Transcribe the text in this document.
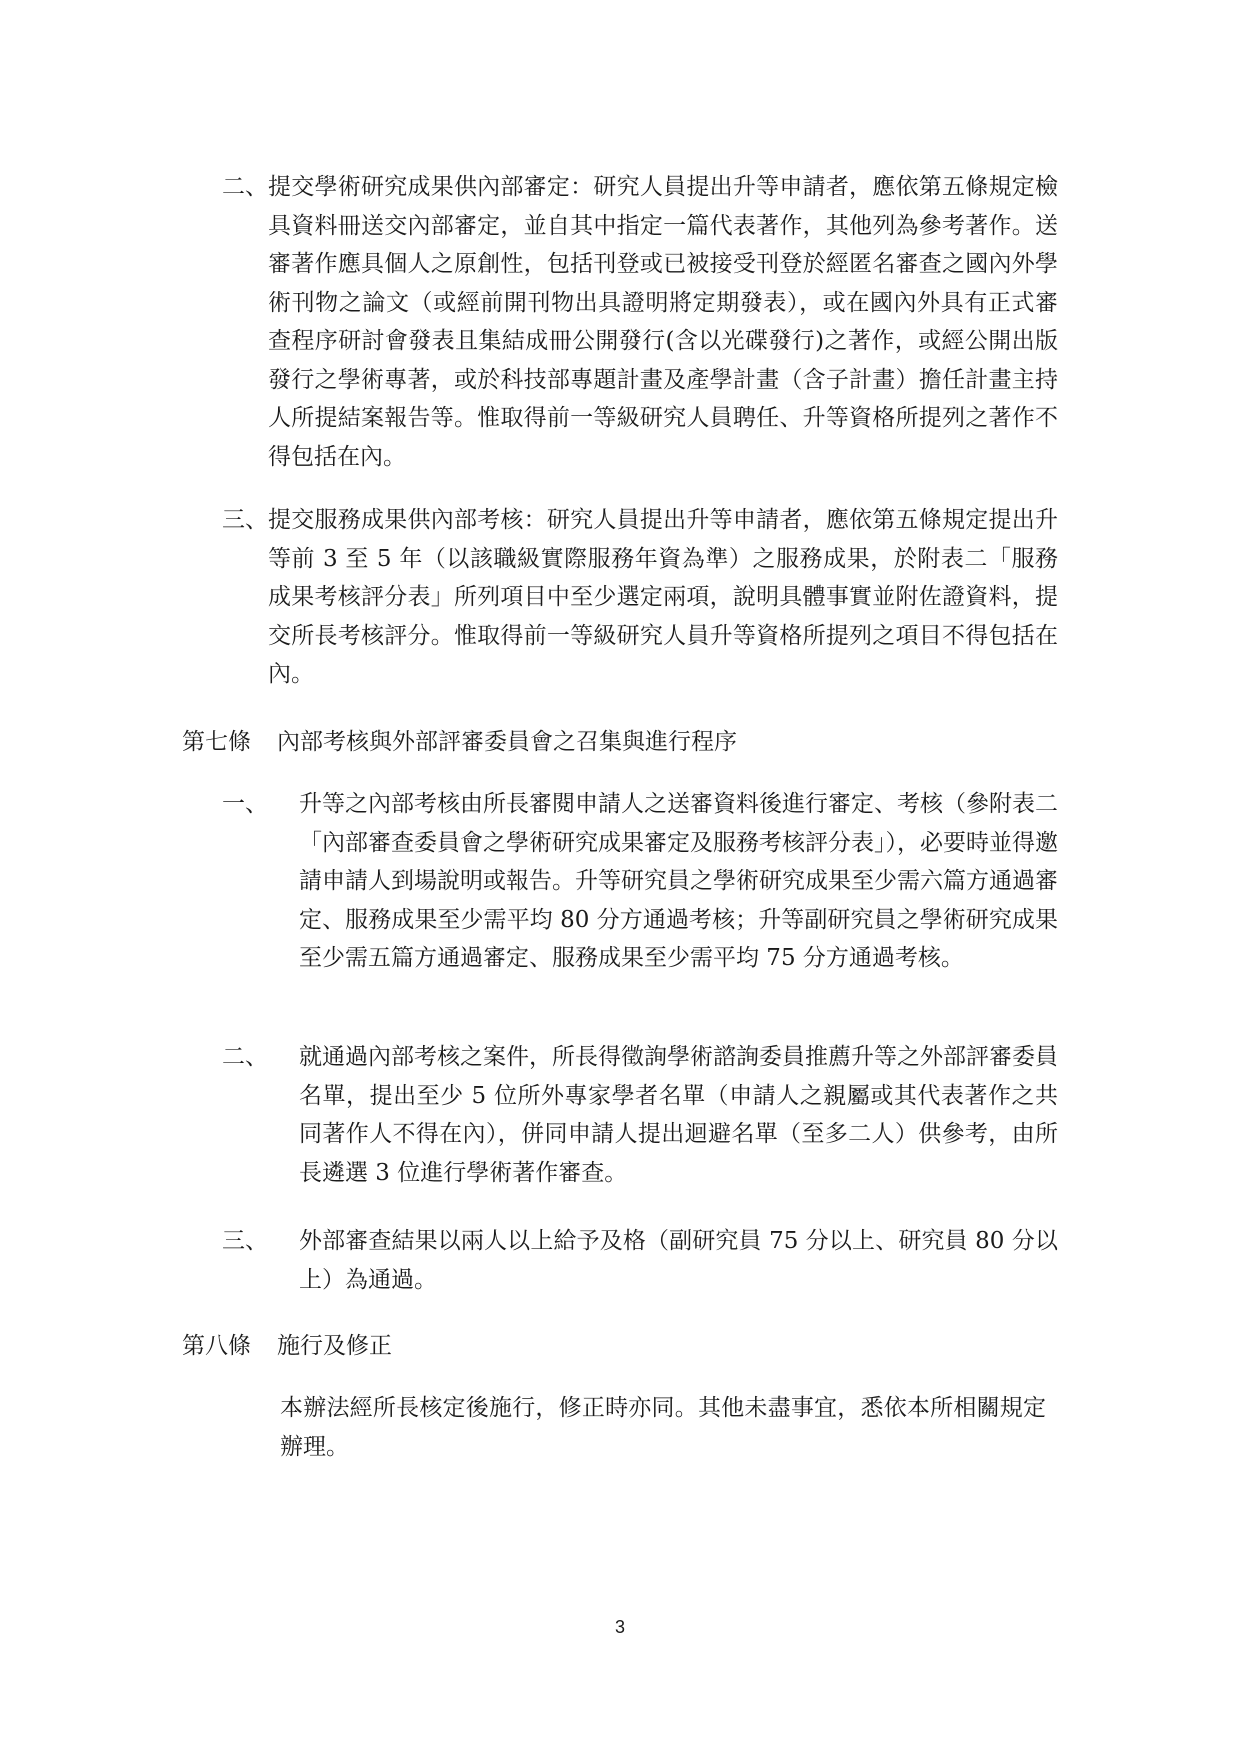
二、 提交學術研究成果供內部審定：研究人員提出升等申請者，應依第五條規定檢具資料冊送交內部審定，並自其中指定一篇代表著作，其他列為參考著作。送審著作應具個人之原創性，包括刊登或已被接受刊登於經匿名審查之國內外學術刊物之論文（或經前開刊物出具證明將定期發表），或在國內外具有正式審查程序研討會發表且集結成冊公開發行(含以光碟發行)之著作，或經公開出版發行之學術專著，或於科技部專題計畫及產學計畫（含子計畫）擔任計畫主持人所提結案報告等。惟取得前一等級研究人員聘任、升等資格所提列之著作不得包括在內。
三、 提交服務成果供內部考核：研究人員提出升等申請者，應依第五條規定提出升等前 3 至 5 年（以該職級實際服務年資為準）之服務成果，於附表二「服務成果考核評分表」所列項目中至少選定兩項，說明具體事實並附佐證資料，提交所長考核評分。惟取得前一等級研究人員升等資格所提列之項目不得包括在內。
第七條 內部考核與外部評審委員會之召集與進行程序
一、 升等之內部考核由所長審閱申請人之送審資料後進行審定、考核（參附表二「內部審查委員會之學術研究成果審定及服務考核評分表」），必要時並得邀請申請人到場說明或報告。升等研究員之學術研究成果至少需六篇方通過審定、服務成果至少需平均 80 分方通過考核；升等副研究員之學術研究成果至少需五篇方通過審定、服務成果至少需平均 75 分方通過考核。
二、 就通過內部考核之案件，所長得徵詢學術諮詢委員推薦升等之外部評審委員名單，提出至少 5 位所外專家學者名單（申請人之親屬或其代表著作之共同著作人不得在內），併同申請人提出迴避名單（至多二人）供參考，由所長遴選 3 位進行學術著作審查。
三、 外部審查結果以兩人以上給予及格（副研究員 75 分以上、研究員 80 分以上）為通過。
第八條 施行及修正
本辦法經所長核定後施行，修正時亦同。其他未盡事宜，悉依本所相關規定辦理。
3
